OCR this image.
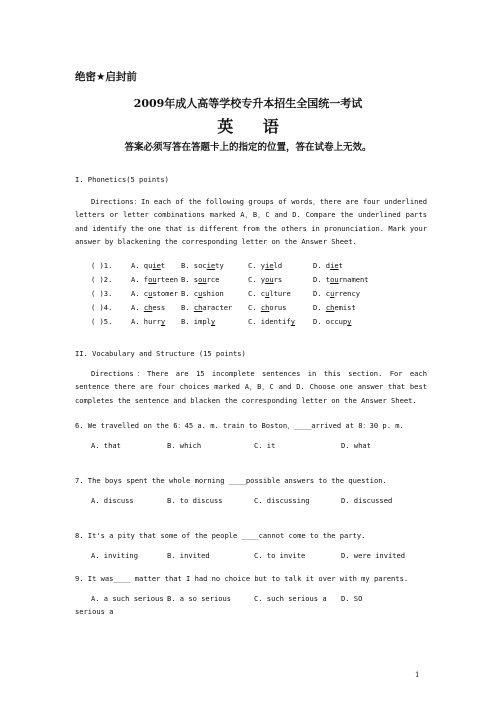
绝密★启封前
2009年成人高等学校专升本招生全国统一考试
英 语
答案必须写答在答题卡上的指定的位置，答在试卷上无效。
I. Phonetics(5 points)
Directions：In each of the following groups of words，there are four underlined letters or letter combinations marked A，B，C and D. Compare the underlined parts and identify the one that is different from the others in pronunciation. Mark your answer by blackening the corresponding letter on the Answer Sheet.
( )1.	A. quiet B. society	C. yield	D. diet
( )2.	A. fourteen B. source	C. yours	D. tournament
( )3.	A. customer B. cushion	C. culture	D. currency
( )4.	A. chess B. character C. chorus	D. chemist
( )5.	A. hurry B. imply	C. identify	D. occupy
II. Vocabulary and Structure (15 points)
Directions：There are 15 incomplete sentences in this section. For each sentence there are four choices marked A，B，C and D. Choose one answer that best completes the sentence and blacken the corresponding letter on the Answer Sheet.
6. We travelled on the 6：45 a. m. train to Boston，____arrived at 8：30 p. m.
A. that	B. which	C. it	D. what
7. The boys spent the whole morning ____possible answers to the question.
A. discuss	B. to discuss	C. discussing	D. discussed
8. It's a pity that some of the people ____cannot come to the party.
A. inviting	B. invited	C. to invite	D. were invited
9. It was____ matter that I had no choice but to talk it over with my parents.
A. a such serious B. a so serious	C. such serious a D. SO
serious a
1
